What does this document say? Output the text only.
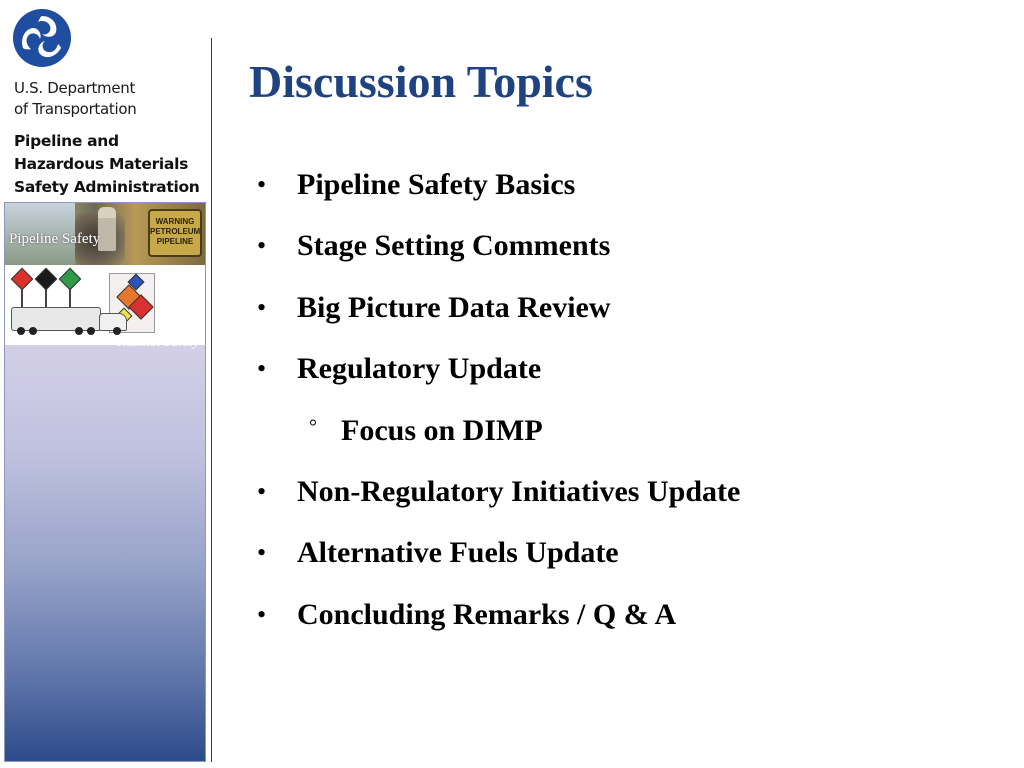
U.S. Department
of Transportation
Pipeline and
Hazardous Materials
Safety Administration
WARNING PETROLEUM PIPELINE
Pipeline Safety
Hazmat Safety
Discussion Topics
• Pipeline Safety Basics
• Stage Setting Comments
• Big Picture Data Review
• Regulatory Update
° Focus on DIMP
• Non-Regulatory Initiatives Update
• Alternative Fuels Update
• Concluding Remarks / Q & A
